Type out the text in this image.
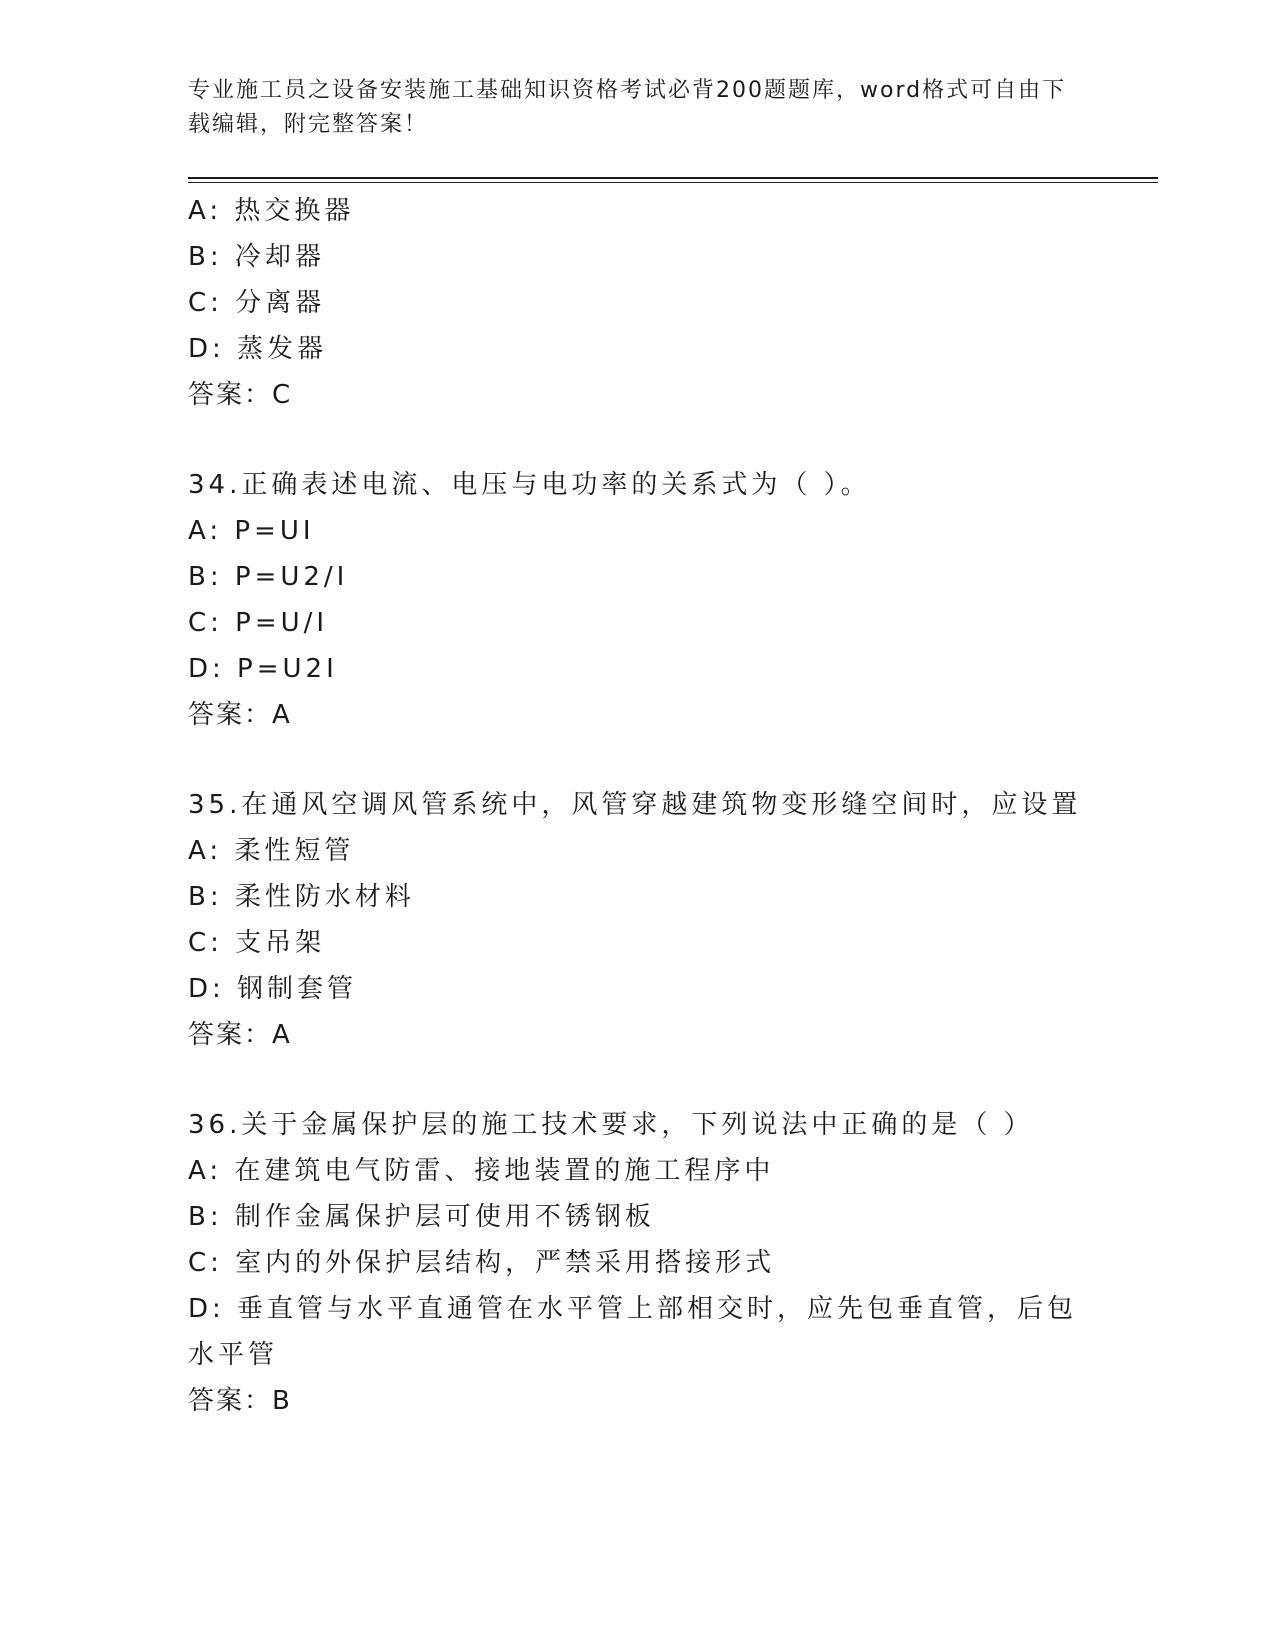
专业施工员之设备安装施工基础知识资格考试必背200题题库，word格式可自由下载编辑，附完整答案！
A: 热交换器
B: 冷却器
C: 分离器
D: 蒸发器
答案：C
34.正确表述电流、电压与电功率的关系式为（ ）。
A: P=UI
B: P=U2/I
C: P=U/I
D: P=U2I
答案：A
35.在通风空调风管系统中，风管穿越建筑物变形缝空间时，应设置
A: 柔性短管
B: 柔性防水材料
C: 支吊架
D: 钢制套管
答案：A
36.关于金属保护层的施工技术要求，下列说法中正确的是（ ）
A: 在建筑电气防雷、接地装置的施工程序中
B: 制作金属保护层可使用不锈钢板
C: 室内的外保护层结构，严禁采用搭接形式
D: 垂直管与水平直通管在水平管上部相交时，应先包垂直管，后包水平管
答案：B
